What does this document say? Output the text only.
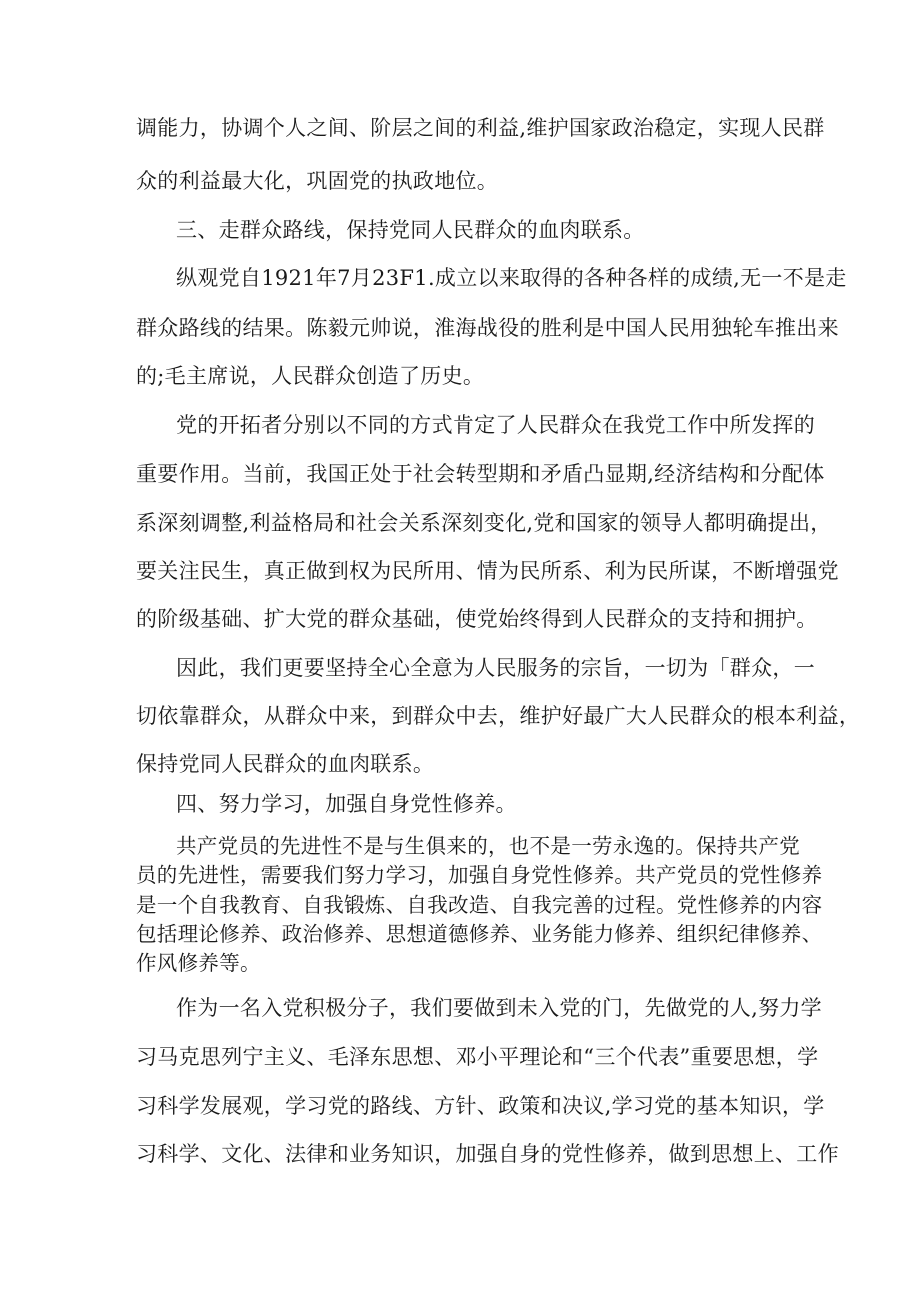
调能力，协调个人之间、阶层之间的利益,维护国家政治稳定，实现人民群
众的利益最大化，巩固党的执政地位。
三、走群众路线，保持党同人民群众的血肉联系。
纵观党自1921年7月23F1.成立以来取得的各种各样的成绩,无一不是走
群众路线的结果。陈毅元帅说，淮海战役的胜利是中国人民用独轮车推出来
的;毛主席说，人民群众创造了历史。
党的开拓者分别以不同的方式肯定了人民群众在我党工作中所发挥的
重要作用。当前，我国正处于社会转型期和矛盾凸显期,经济结构和分配体
系深刻调整,利益格局和社会关系深刻变化,党和国家的领导人都明确提出，
要关注民生，真正做到权为民所用、情为民所系、利为民所谋，不断增强党
的阶级基础、扩大党的群众基础，使党始终得到人民群众的支持和拥护。
因此，我们更要坚持全心全意为人民服务的宗旨，一切为「群众，一
切依靠群众，从群众中来，到群众中去，维护好最广大人民群众的根本利益，
保持党同人民群众的血肉联系。
四、努力学习，加强自身党性修养。
共产党员的先进性不是与生俱来的，也不是一劳永逸的。保持共产党
员的先进性，需要我们努力学习，加强自身党性修养。共产党员的党性修养
是一个自我教育、自我锻炼、自我改造、自我完善的过程。党性修养的内容
包括理论修养、政治修养、思想道德修养、业务能力修养、组织纪律修养、
作风修养等。
作为一名入党积极分子，我们要做到未入党的门，先做党的人,努力学
习马克思列宁主义、毛泽东思想、邓小平理论和“三个代表”重要思想，学
习科学发展观，学习党的路线、方针、政策和决议,学习党的基本知识，学
习科学、文化、法律和业务知识，加强自身的党性修养，做到思想上、工作
